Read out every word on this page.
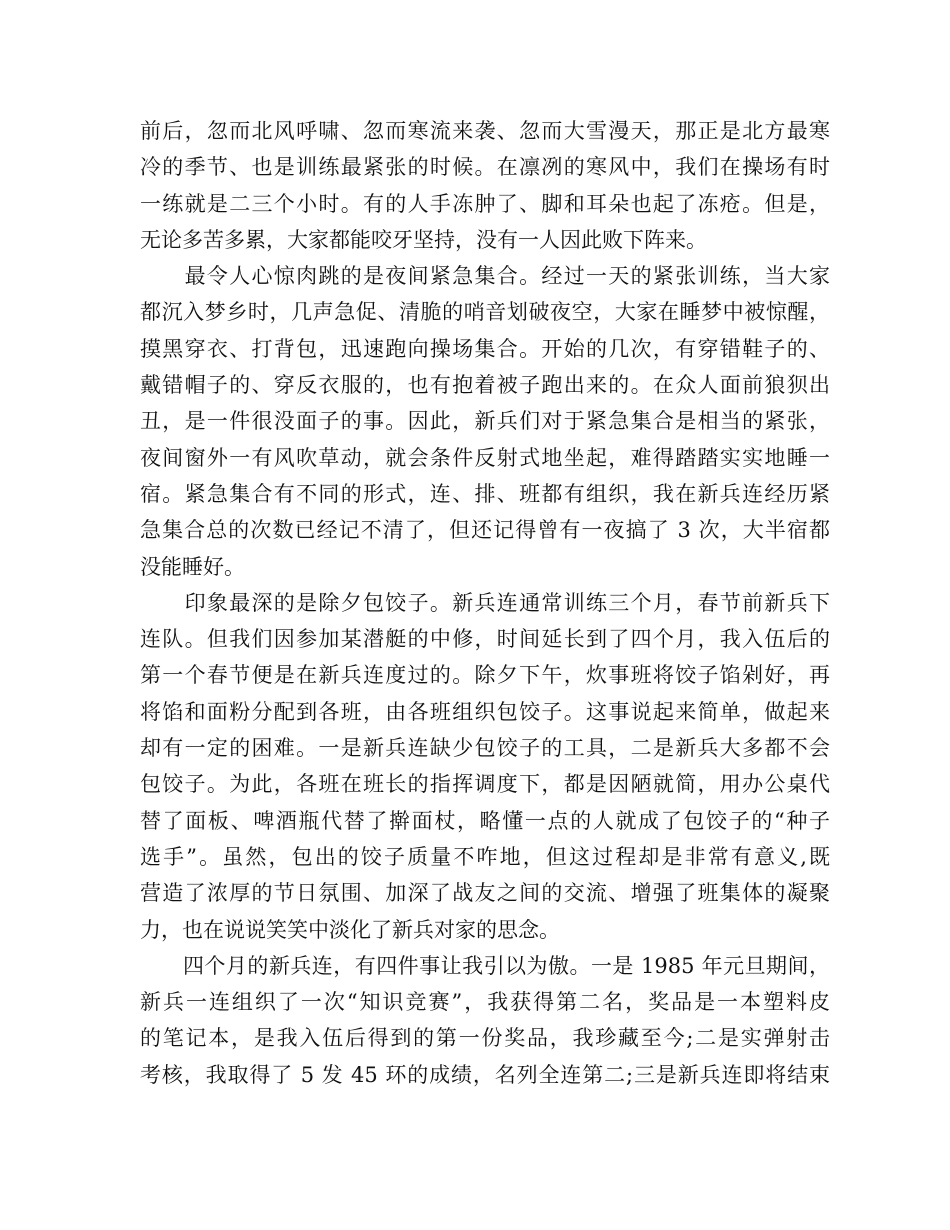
前后，忽而北风呼啸、忽而寒流来袭、忽而大雪漫天，那正是北方最寒
冷的季节、也是训练最紧张的时候。在凛冽的寒风中，我们在操场有时
一练就是二三个小时。有的人手冻肿了、脚和耳朵也起了冻疮。但是，
无论多苦多累，大家都能咬牙坚持，没有一人因此败下阵来。
　　最令人心惊肉跳的是夜间紧急集合。经过一天的紧张训练，当大家
都沉入梦乡时，几声急促、清脆的哨音划破夜空，大家在睡梦中被惊醒，
摸黑穿衣、打背包，迅速跑向操场集合。开始的几次，有穿错鞋子的、
戴错帽子的、穿反衣服的，也有抱着被子跑出来的。在众人面前狼狈出
丑，是一件很没面子的事。因此，新兵们对于紧急集合是相当的紧张，
夜间窗外一有风吹草动，就会条件反射式地坐起，难得踏踏实实地睡一
宿。紧急集合有不同的形式，连、排、班都有组织，我在新兵连经历紧
急集合总的次数已经记不清了，但还记得曾有一夜搞了 3 次，大半宿都
没能睡好。
　　印象最深的是除夕包饺子。新兵连通常训练三个月，春节前新兵下
连队。但我们因参加某潜艇的中修，时间延长到了四个月，我入伍后的
第一个春节便是在新兵连度过的。除夕下午，炊事班将饺子馅剁好，再
将馅和面粉分配到各班，由各班组织包饺子。这事说起来简单，做起来
却有一定的困难。一是新兵连缺少包饺子的工具，二是新兵大多都不会
包饺子。为此，各班在班长的指挥调度下，都是因陋就简，用办公桌代
替了面板、啤酒瓶代替了擀面杖，略懂一点的人就成了包饺子的“种子
选手”。虽然，包出的饺子质量不咋地，但这过程却是非常有意义,既
营造了浓厚的节日氛围、加深了战友之间的交流、增强了班集体的凝聚
力，也在说说笑笑中淡化了新兵对家的思念。
　　四个月的新兵连，有四件事让我引以为傲。一是 1985 年元旦期间，
新兵一连组织了一次“知识竞赛”，我获得第二名，奖品是一本塑料皮
的笔记本，是我入伍后得到的第一份奖品，我珍藏至今;二是实弹射击
考核，我取得了 5 发 45 环的成绩，名列全连第二;三是新兵连即将结束
